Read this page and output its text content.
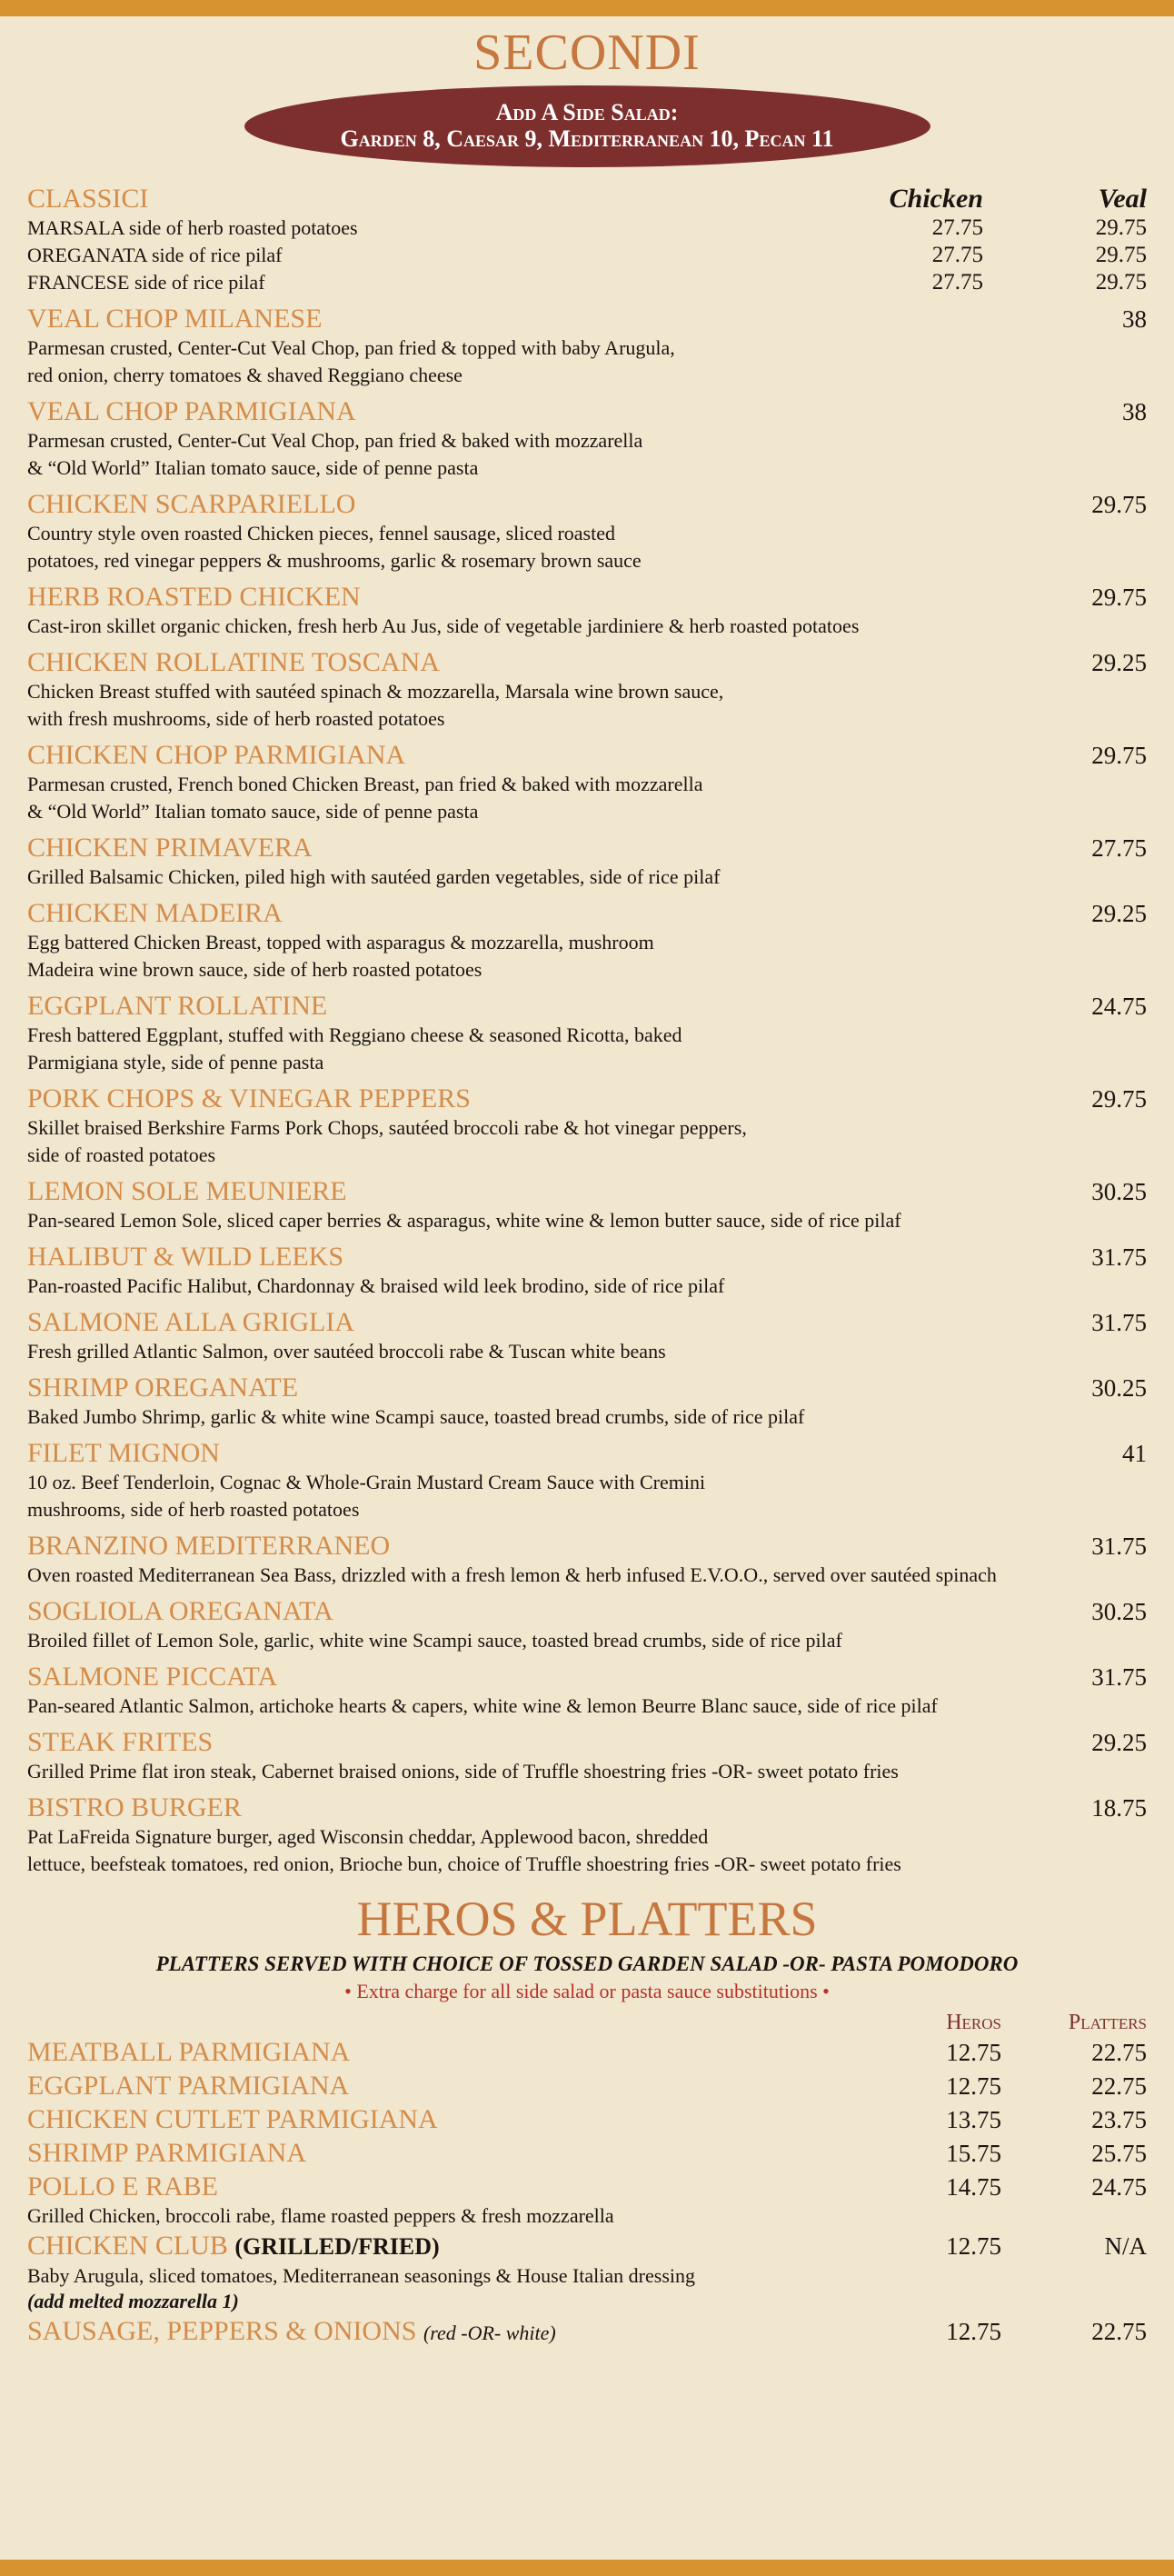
SECONDI
Add A Side Salad:
Garden 8, Caesar 9, Mediterranean 10, Pecan 11
CLASSICI	Chicken	Veal
MARSALA side of herb roasted potatoes	27.75	29.75
OREGANATA side of rice pilaf	27.75	29.75
FRANCESE side of rice pilaf	27.75	29.75
VEAL CHOP MILANESE
Parmesan crusted, Center-Cut Veal Chop, pan fried & topped with baby Arugula,
red onion, cherry tomatoes & shaved Reggiano cheese
38
VEAL CHOP PARMIGIANA
Parmesan crusted, Center-Cut Veal Chop, pan fried & baked with mozzarella
& “Old World” Italian tomato sauce, side of penne pasta
38
CHICKEN SCARPARIELLO
Country style oven roasted Chicken pieces, fennel sausage, sliced roasted
potatoes, red vinegar peppers & mushrooms, garlic & rosemary brown sauce
29.75
HERB ROASTED CHICKEN
Cast-iron skillet organic chicken, fresh herb Au Jus, side of vegetable jardiniere & herb roasted potatoes
29.75
CHICKEN ROLLATINE TOSCANA
Chicken Breast stuffed with sautéed spinach & mozzarella, Marsala wine brown sauce,
with fresh mushrooms, side of herb roasted potatoes
29.25
CHICKEN CHOP PARMIGIANA
Parmesan crusted, French boned Chicken Breast, pan fried & baked with mozzarella
& “Old World” Italian tomato sauce, side of penne pasta
29.75
CHICKEN PRIMAVERA
Grilled Balsamic Chicken, piled high with sautéed garden vegetables, side of rice pilaf
27.75
CHICKEN MADEIRA
Egg battered Chicken Breast, topped with asparagus & mozzarella, mushroom
Madeira wine brown sauce, side of herb roasted potatoes
29.25
EGGPLANT ROLLATINE
Fresh battered Eggplant, stuffed with Reggiano cheese & seasoned Ricotta, baked
Parmigiana style, side of penne pasta
24.75
PORK CHOPS & VINEGAR PEPPERS
Skillet braised Berkshire Farms Pork Chops, sautéed broccoli rabe & hot vinegar peppers,
side of roasted potatoes
29.75
LEMON SOLE MEUNIERE
Pan-seared Lemon Sole, sliced caper berries & asparagus, white wine & lemon butter sauce, side of rice pilaf
30.25
HALIBUT & WILD LEEKS
Pan-roasted Pacific Halibut, Chardonnay & braised wild leek brodino, side of rice pilaf
31.75
SALMONE ALLA GRIGLIA
Fresh grilled Atlantic Salmon, over sautéed broccoli rabe & Tuscan white beans
31.75
SHRIMP OREGANATE
Baked Jumbo Shrimp, garlic & white wine Scampi sauce, toasted bread crumbs, side of rice pilaf
30.25
FILET MIGNON
10 oz. Beef Tenderloin, Cognac & Whole-Grain Mustard Cream Sauce with Cremini
mushrooms, side of herb roasted potatoes
41
BRANZINO MEDITERRANEO
Oven roasted Mediterranean Sea Bass, drizzled with a fresh lemon & herb infused E.V.O.O., served over sautéed spinach
31.75
SOGLIOLA OREGANATA
Broiled fillet of Lemon Sole, garlic, white wine Scampi sauce, toasted bread crumbs, side of rice pilaf
30.25
SALMONE PICCATA
Pan-seared Atlantic Salmon, artichoke hearts & capers, white wine & lemon Beurre Blanc sauce, side of rice pilaf
31.75
STEAK FRITES
Grilled Prime flat iron steak, Cabernet braised onions, side of Truffle shoestring fries -OR- sweet potato fries
29.25
BISTRO BURGER
Pat LaFreida Signature burger, aged Wisconsin cheddar, Applewood bacon, shredded
lettuce, beefsteak tomatoes, red onion, Brioche bun, choice of Truffle shoestring fries -OR- sweet potato fries
18.75
HEROS & PLATTERS
PLATTERS SERVED WITH CHOICE OF TOSSED GARDEN SALAD -OR- PASTA POMODORO
• Extra charge for all side salad or pasta sauce substitutions •
Heros	Platters
MEATBALL PARMIGIANA	12.75	22.75
EGGPLANT PARMIGIANA	12.75	22.75
CHICKEN CUTLET PARMIGIANA	13.75	23.75
SHRIMP PARMIGIANA	15.75	25.75
POLLO E RABE	14.75	24.75
Grilled Chicken, broccoli rabe, flame roasted peppers & fresh mozzarella
CHICKEN CLUB (GRILLED/FRIED)	12.75	N/A
Baby Arugula, sliced tomatoes, Mediterranean seasonings & House Italian dressing
(add melted mozzarella 1)
SAUSAGE, PEPPERS & ONIONS (red -OR- white)	12.75	22.75
